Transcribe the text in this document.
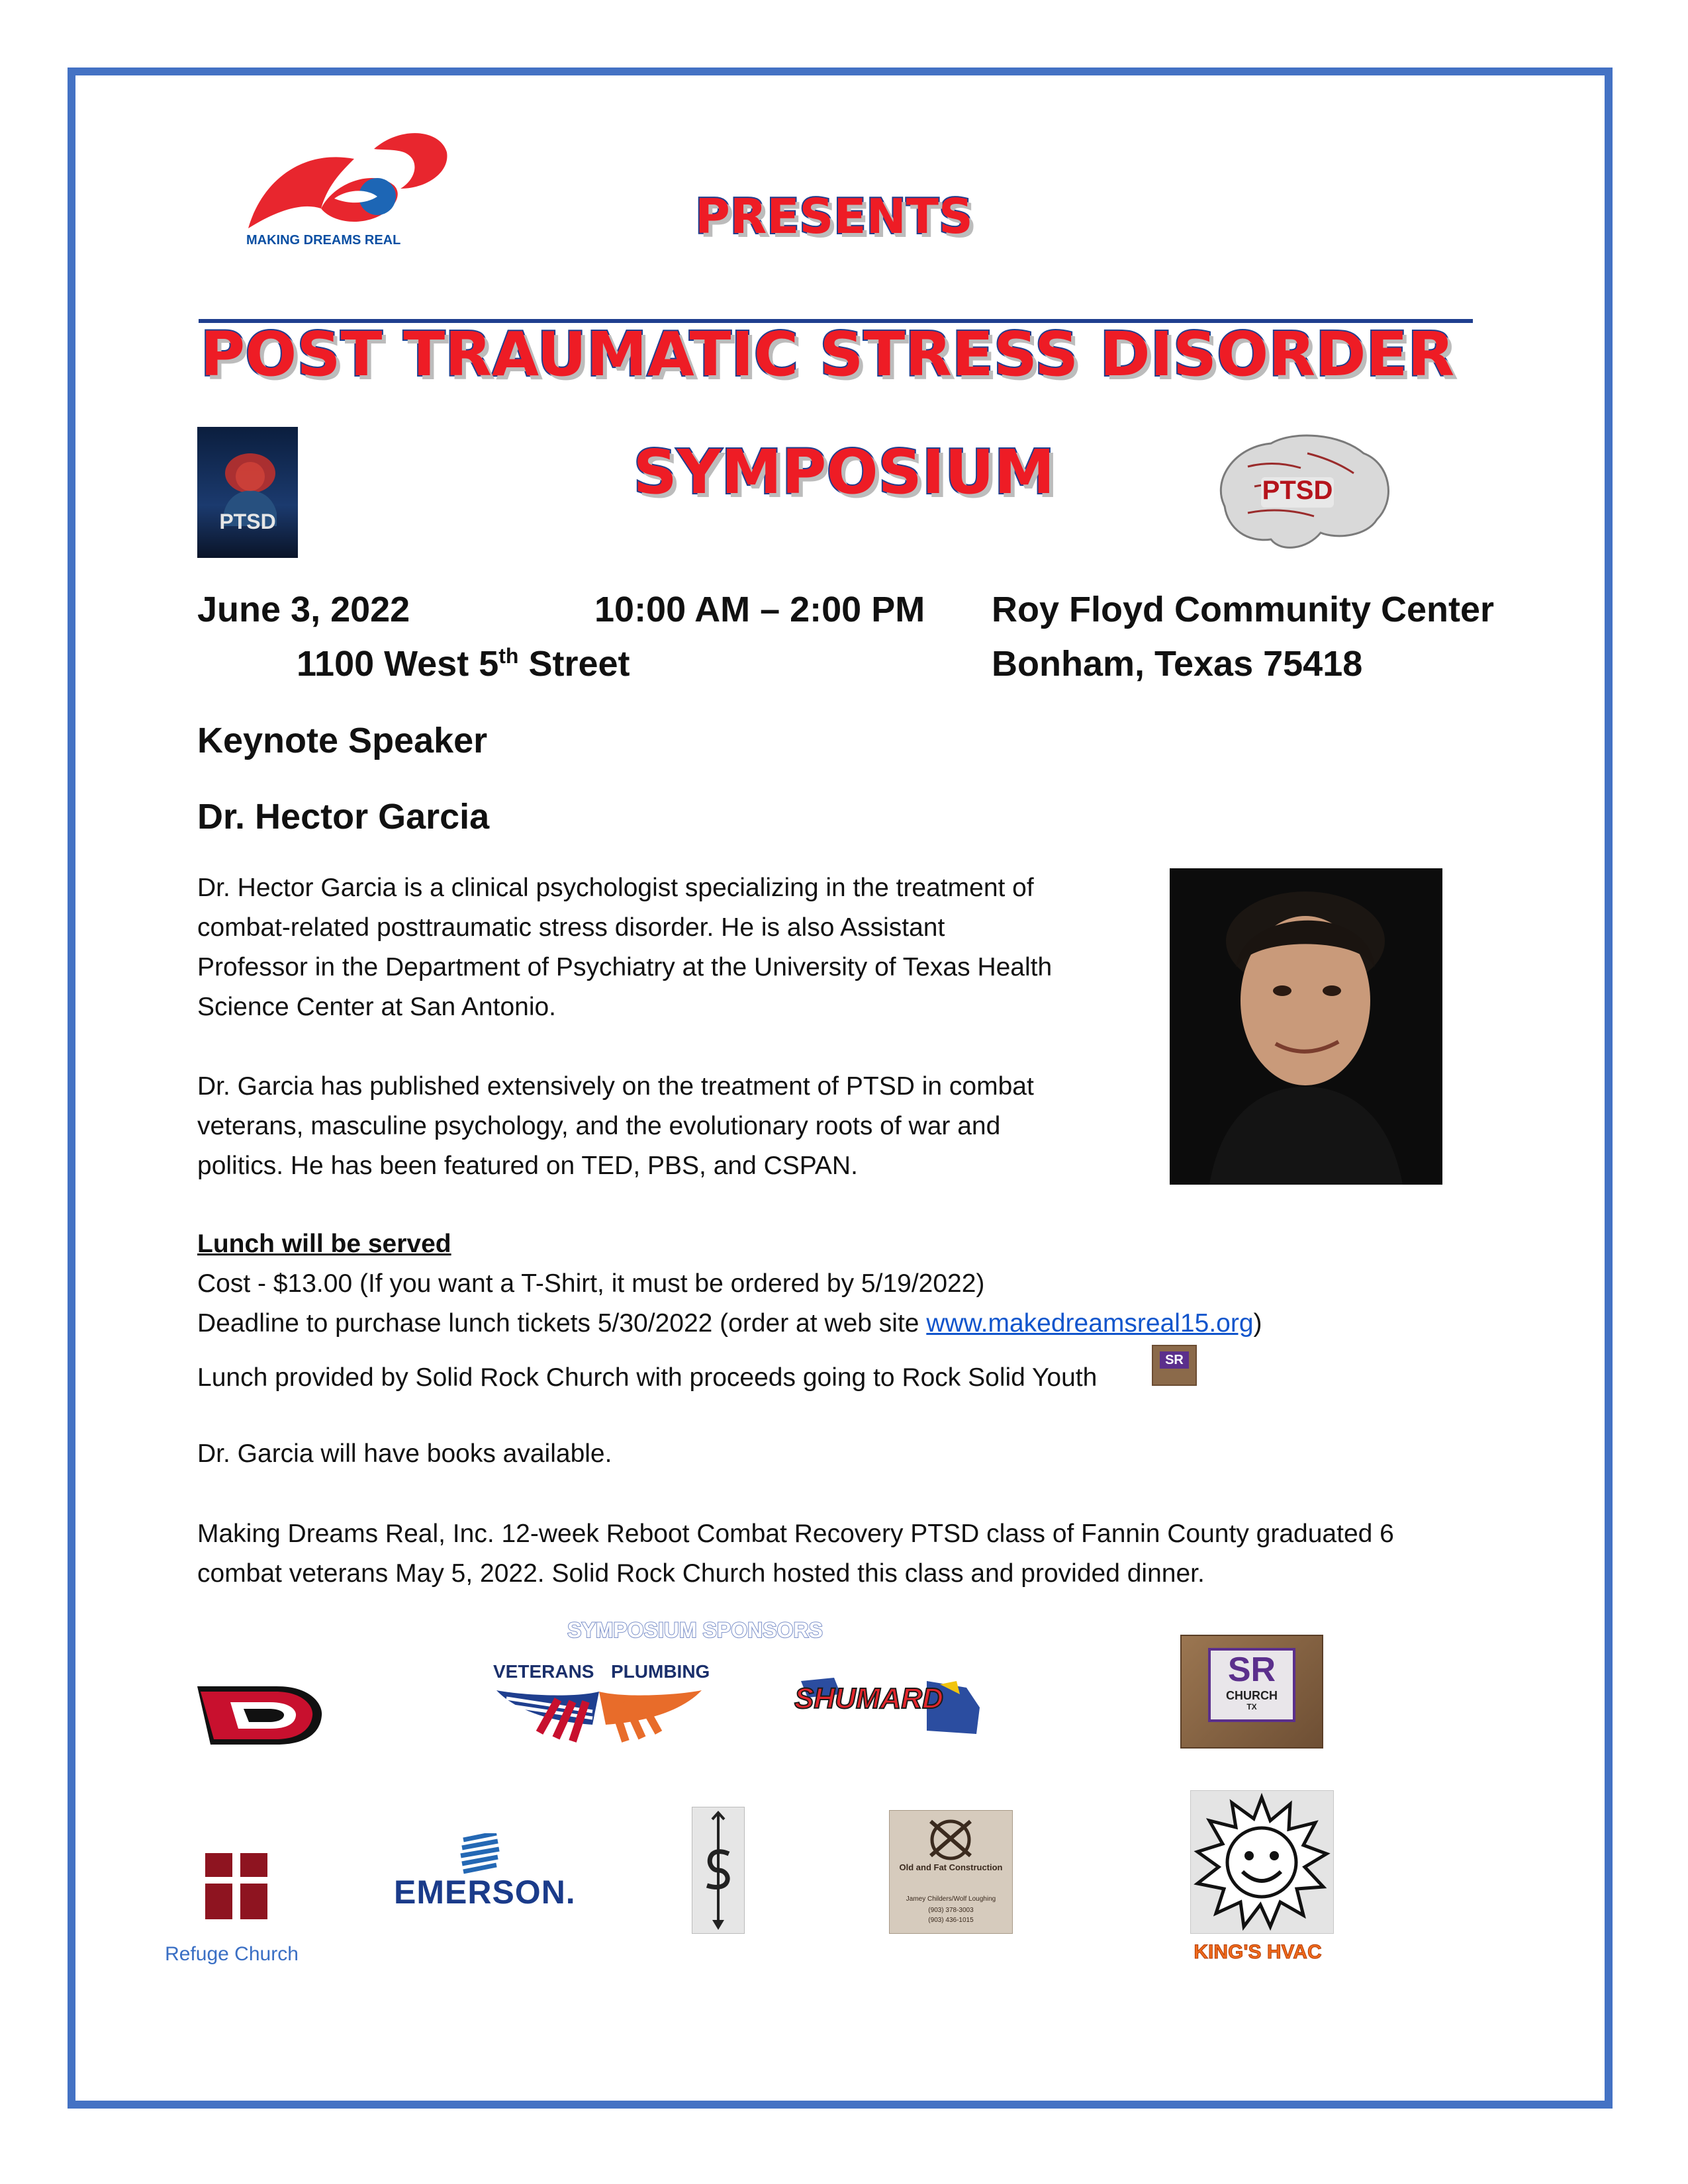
MAKING DREAMS REAL	PRESENTS
POST TRAUMATIC STRESS DISORDER
SYMPOSIUM
PTSD
PTSD
June 3, 2022	10:00 AM – 2:00 PM Roy Floyd Community Center
1100 West 5th Street	Bonham, Texas 75418
Keynote Speaker
Dr. Hector Garcia
Dr. Hector Garcia is a clinical psychologist specializing in the treatment of
combat-related posttraumatic stress disorder. He is also Assistant
Professor in the Department of Psychiatry at the University of Texas Health
Science Center at San Antonio.
Dr. Garcia has published extensively on the treatment of PTSD in combat
veterans, masculine psychology, and the evolutionary roots of war and
politics. He has been featured on TED, PBS, and CSPAN.
Lunch will be served
Cost - $13.00 (If you want a T-Shirt, it must be ordered by 5/19/2022)
Deadline to purchase lunch tickets 5/30/2022 (order at web site www.makedreamsreal15.org)
Lunch provided by Solid Rock Church with proceeds going to Rock Solid Youth
SR
Dr. Garcia will have books available.
Making Dreams Real, Inc. 12-week Reboot Combat Recovery PTSD class of Fannin County graduated 6
combat veterans May 5, 2022. Solid Rock Church hosted this class and provided dinner.
SYMPOSIUM SPONSORS
VETERANS PLUMBING
SHUMARD
SR
CHURCH
TX
Refuge Church
EMERSON.
Old and Fat Construction
Jamey Childers/Wolf Loughing
(903) 378-3003
(903) 436-1015
KING'S HVAC
